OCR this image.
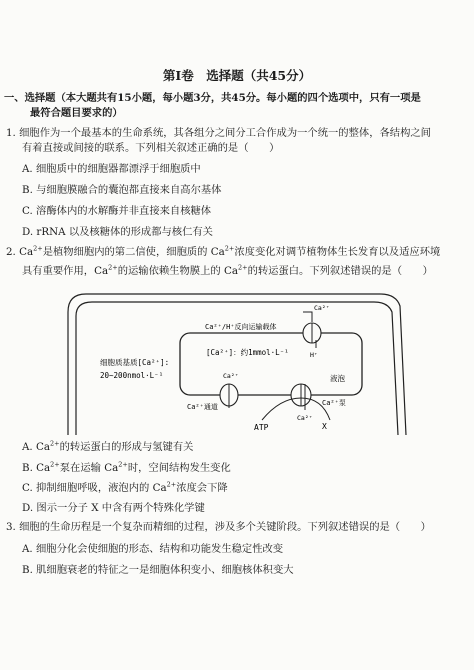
第Ⅰ卷　选择题（共45分）
一、选择题（本大题共有15小题，每小题3分，共45分。每小题的四个选项中，只有一项是
最符合题目要求的）
1. 细胞作为一个最基本的生命系统，其各组分之间分工合作成为一个统一的整体，各结构之间
有着直接或间接的联系。下列相关叙述正确的是（　　）
A. 细胞质中的细胞器都漂浮于细胞质中
B. 与细胞膜融合的囊泡都直接来自高尔基体
C. 溶酶体内的水解酶并非直接来自核糖体
D. rRNA 以及核糖体的形成都与核仁有关
2. $Ca^{2+}$是植物细胞内的第二信使，细胞质的 $Ca^{2+}$浓度变化对调节植物体生长发育以及适应环境
具有重要作用，$Ca^{2+}$的运输依赖生物膜上的 $Ca^{2+}$的转运蛋白。下列叙述错误的是（　　）
Ca²⁺/H⁺反向运输载体
[Ca²⁺]：约1mmol·L⁻¹
细胞质基质[Ca²⁺]:
20~200nmol·L⁻¹	液泡
Ca²⁺通道	Ca²⁺泵
Ca²⁺
H⁺
Ca²⁺
Ca²⁺
ATP	X
A. $Ca^{2+}$的转运蛋白的形成与氢键有关
B. $Ca^{2+}$泵在运输 $Ca^{2+}$时，空间结构发生变化
C. 抑制细胞呼吸，液泡内的 $Ca^{2+}$浓度会下降
D. 图示一分子 X 中含有两个特殊化学键
3. 细胞的生命历程是一个复杂而精细的过程，涉及多个关键阶段。下列叙述错误的是（　　）
A. 细胞分化会使细胞的形态、结构和功能发生稳定性改变
B. 肌细胞衰老的特征之一是细胞体积变小、细胞核体积变大
